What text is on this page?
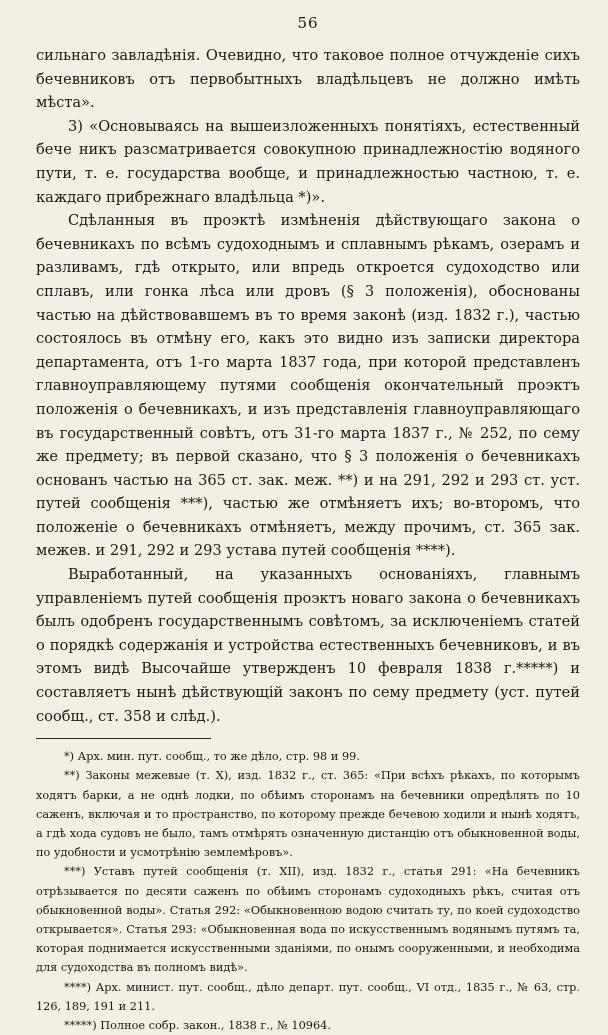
56

сильнаго завладѣнія. Очевидно, что таковое полное отчужденіе сихъ бечевниковъ отъ первобытныхъ владѣльцевъ не должно имѣть мѣста».

3) «Основываясь на вышеизложенныхъ понятіяхъ, естественный бече никъ разсматривается совокупною принадлежностію водяного пути, т. е. государства вообще, и принадлежностью частною, т. е. каждаго прибрежнаго владѣльца *)».

Сдѣланныя въ проэктѣ измѣненія дѣйствующаго закона о бечевникахъ по всѣмъ судоходнымъ и сплавнымъ рѣкамъ, озерамъ и разливамъ, гдѣ открыто, или впредь откроется судоходство или сплавъ, или гонка лѣса или дровъ (§ 3 положенія), обоснованы частью на дѣйствовавшемъ въ то время законѣ (изд. 1832 г.), частью состоялось въ отмѣну его, какъ это видно изъ записки директора департамента, отъ 1-го марта 1837 года, при которой представленъ главноуправляющему путями сообщенія окончательный проэктъ положенія о бечевникахъ, и изъ представленія главноуправляющаго въ государственный совѣтъ, отъ 31-го марта 1837 г., № 252, по сему же предмету; въ первой сказано, что § 3 положенія о бечевникахъ основанъ частью на 365 ст. зак. меж. **) и на 291, 292 и 293 ст. уст. путей сообщенія ***), частью же отмѣняетъ ихъ; во-второмъ, что положеніе о бечевникахъ отмѣняетъ, между прочимъ, ст. 365 зак. межев. и 291, 292 и 293 устава путей сообщенія ****).

Выработанный, на указанныхъ основаніяхъ, главнымъ управленіемъ путей сообщенія проэктъ новаго закона о бечевникахъ былъ одобренъ государственнымъ совѣтомъ, за исключеніемъ статей о порядкѣ содержанія и устройства естественныхъ бечевниковъ, и въ этомъ видѣ Высочайше утвержденъ 10 февраля 1838 г.*****) и составляетъ нынѣ дѣйствующій законъ по сему предмету (уст. путей сообщ., ст. 358 и слѣд.).

*) Арх. мин. пут. сообщ., то же дѣло, стр. 98 и 99.

**) Законы межевые (т. X), изд. 1832 г., ст. 365: «При всѣхъ рѣкахъ, по которымъ ходятъ барки, а не однѣ лодки, по обѣимъ сторонамъ на бечевники опредѣлять по 10 саженъ, включая и то пространство, по которому прежде бечевою ходили и нынѣ ходятъ, а гдѣ хода судовъ не было, тамъ отмѣрять означенную дистанцію отъ обыкновенной воды, по удобности и усмотрѣнію землемѣровъ».

***) Уставъ путей сообщенія (т. XII), изд. 1832 г., статья 291: «На бечевникъ отрѣзывается по десяти саженъ по обѣимъ сторонамъ судоходныхъ рѣкъ, считая отъ обыкновенной воды». Статья 292: «Обыкновенною водою считать ту, по коей судоходство открывается». Статья 293: «Обыкновенная вода по искусственнымъ водянымъ путямъ та, которая поднимается искусственными зданіями, по онымъ сооруженными, и необходима для судоходства въ полномъ видѣ».

****) Арх. минист. пут. сообщ., дѣло департ. пут. сообщ., VI отд., 1835 г., № 63, стр. 126, 189, 191 и 211.

*****) Полное собр. закон., 1838 г., № 10964.
